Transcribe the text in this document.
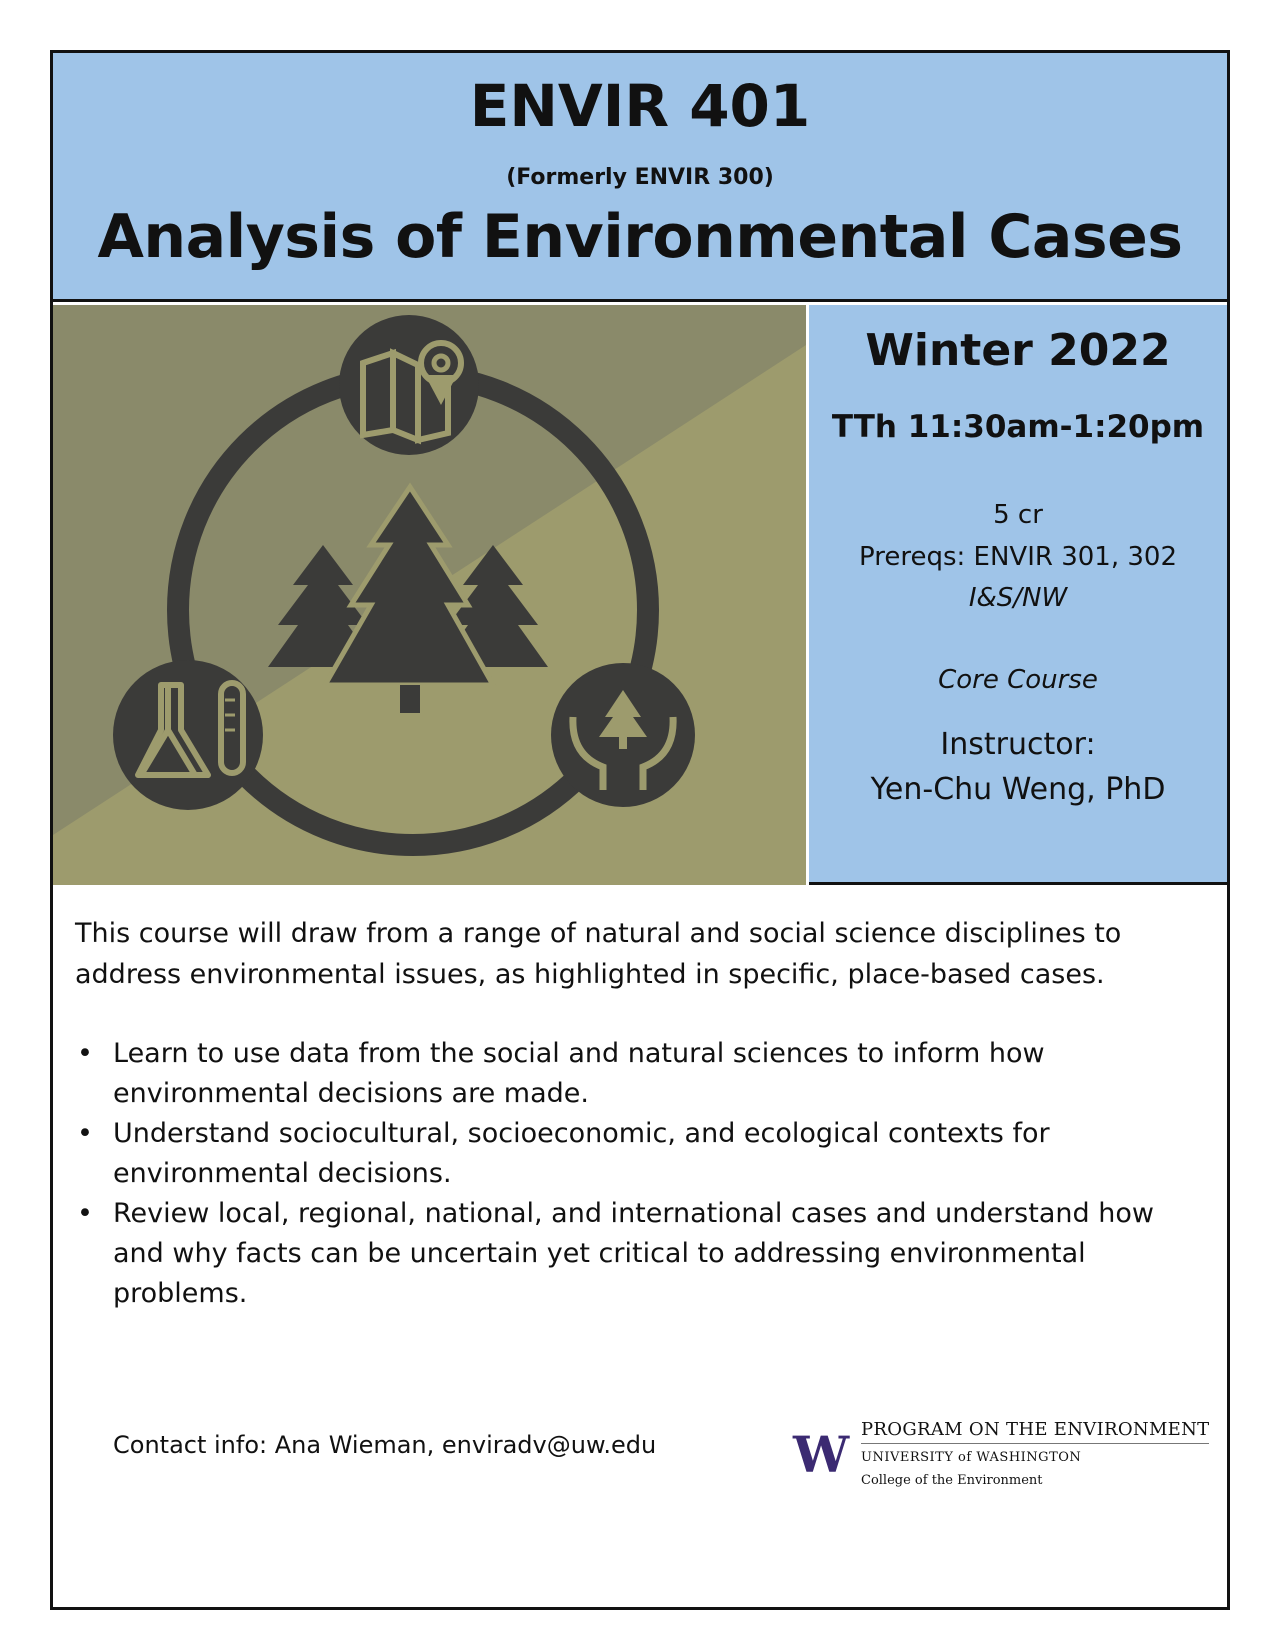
ENVIR 401
(Formerly ENVIR 300)
Analysis of Environmental Cases
Winter 2022
TTh 11:30am-1:20pm
5 cr
Prereqs: ENVIR 301, 302
I&S/NW
Core Course
Instructor:
Yen-Chu Weng, PhD

This course will draw from a range of natural and social science disciplines to address environmental issues, as highlighted in specific, place-based cases.

• Learn to use data from the social and natural sciences to inform how environmental decisions are made.
• Understand sociocultural, socioeconomic, and ecological contexts for environmental decisions.
• Review local, regional, national, and international cases and understand how and why facts can be uncertain yet critical to addressing environmental problems.
Contact info: Ana Wieman, enviradv@uw.edu	W PROGRAM ON THE ENVIRONMENT
UNIVERSITY of WASHINGTON
College of the Environment
